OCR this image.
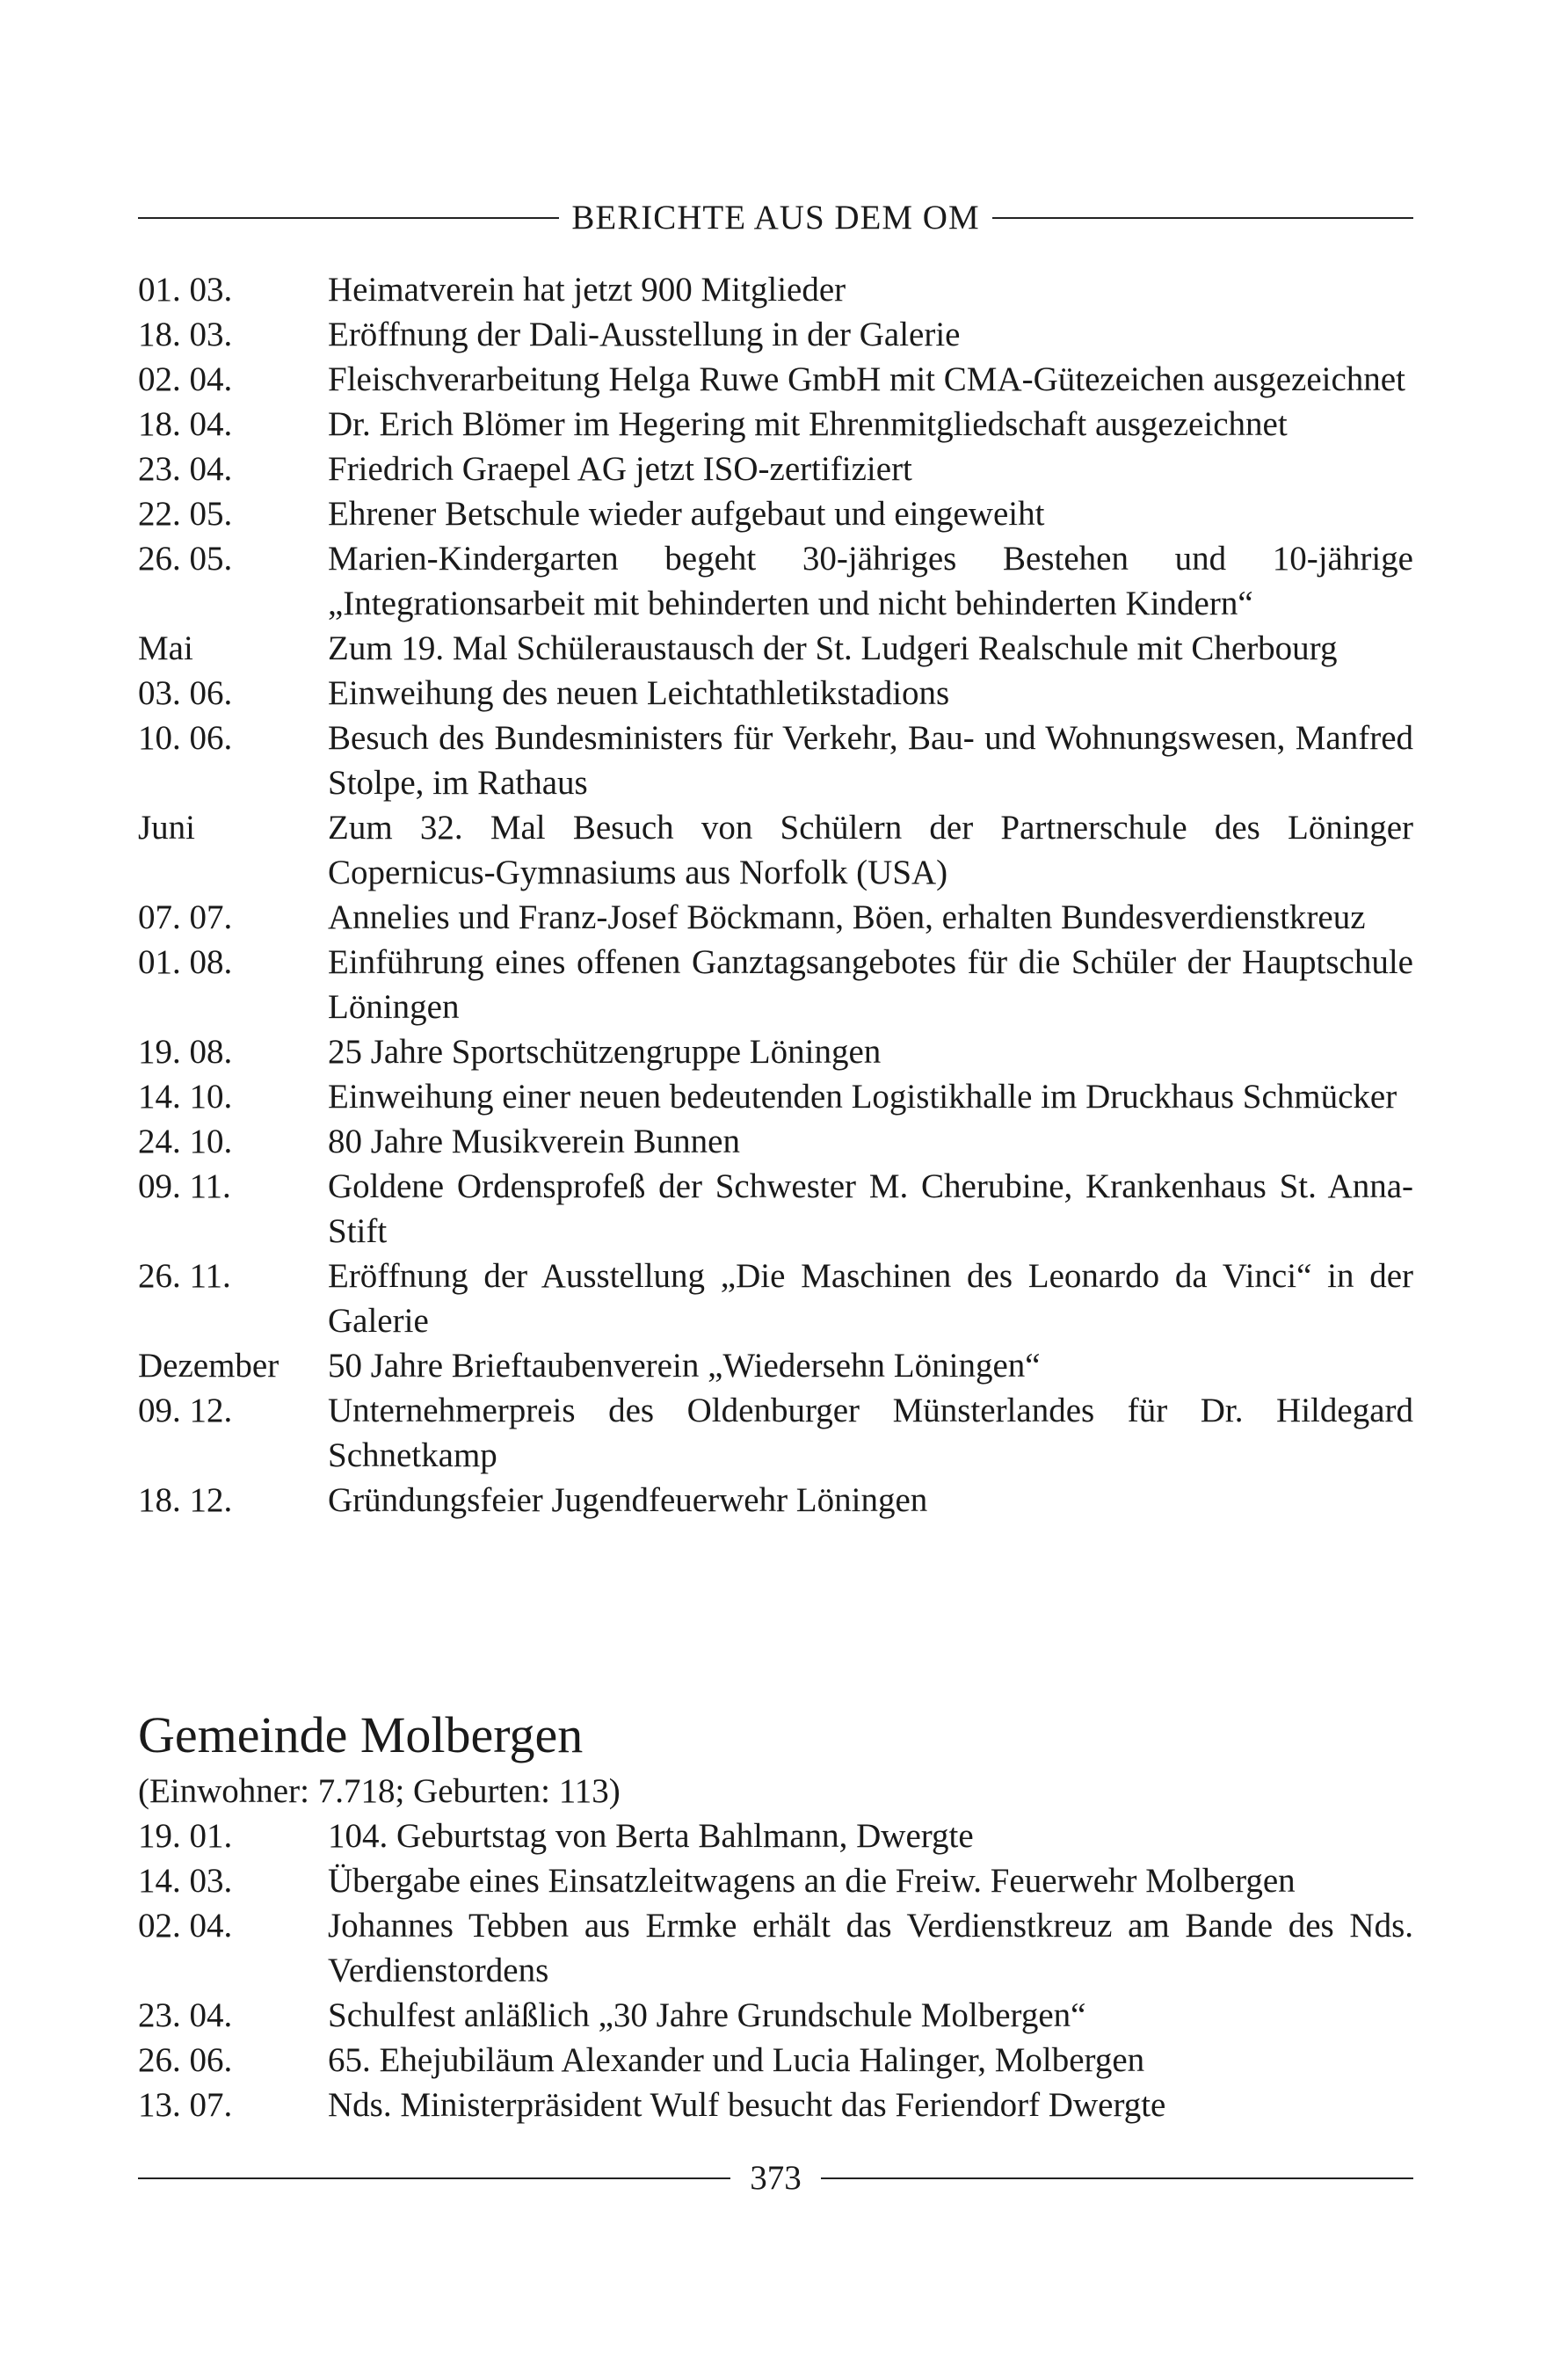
BERICHTE AUS DEM OM
01. 03.	Heimatverein hat jetzt 900 Mitglieder
18. 03.	Eröffnung der Dali-Ausstellung in der Galerie
02. 04.	Fleischverarbeitung Helga Ruwe GmbH mit CMA-Gütezeichen ausgezeichnet
18. 04.	Dr. Erich Blömer im Hegering mit Ehrenmitgliedschaft ausgezeichnet
23. 04.	Friedrich Graepel AG jetzt ISO-zertifiziert
22. 05.	Ehrener Betschule wieder aufgebaut und eingeweiht
26. 05.	Marien-Kindergarten begeht 30-jähriges Bestehen und 10-jährige „Integrationsarbeit mit behinderten und nicht behinderten Kindern“
Mai	Zum 19. Mal Schüleraustausch der St. Ludgeri Realschule mit Cherbourg
03. 06.	Einweihung des neuen Leichtathletikstadions
10. 06.	Besuch des Bundesministers für Verkehr, Bau- und Wohnungswesen, Manfred Stolpe, im Rathaus
Juni	Zum 32. Mal Besuch von Schülern der Partnerschule des Löninger Copernicus-Gymnasiums aus Norfolk (USA)
07. 07.	Annelies und Franz-Josef Böckmann, Böen, erhalten Bundesverdienstkreuz
01. 08.	Einführung eines offenen Ganztagsangebotes für die Schüler der Hauptschule Löningen
19. 08.	25 Jahre Sportschützengruppe Löningen
14. 10.	Einweihung einer neuen bedeutenden Logistikhalle im Druckhaus Schmücker
24. 10.	80 Jahre Musikverein Bunnen
09. 11.	Goldene Ordensprofeß der Schwester M. Cherubine, Krankenhaus St. Anna-Stift
26. 11.	Eröffnung der Ausstellung „Die Maschinen des Leonardo da Vinci“ in der Galerie
Dezember	50 Jahre Brieftaubenverein „Wiedersehn Löningen“
09. 12.	Unternehmerpreis des Oldenburger Münsterlandes für Dr. Hildegard Schnetkamp
18. 12.	Gründungsfeier Jugendfeuerwehr Löningen
Gemeinde Molbergen
(Einwohner: 7.718; Geburten: 113)
19. 01.	104. Geburtstag von Berta Bahlmann, Dwergte
14. 03.	Übergabe eines Einsatzleitwagens an die Freiw. Feuerwehr Molbergen
02. 04.	Johannes Tebben aus Ermke erhält das Verdienstkreuz am Bande des Nds. Verdienstordens
23. 04.	Schulfest anläßlich „30 Jahre Grundschule Molbergen“
26. 06.	65. Ehejubiläum Alexander und Lucia Halinger, Molbergen
13. 07.	Nds. Ministerpräsident Wulf besucht das Feriendorf Dwergte
373
